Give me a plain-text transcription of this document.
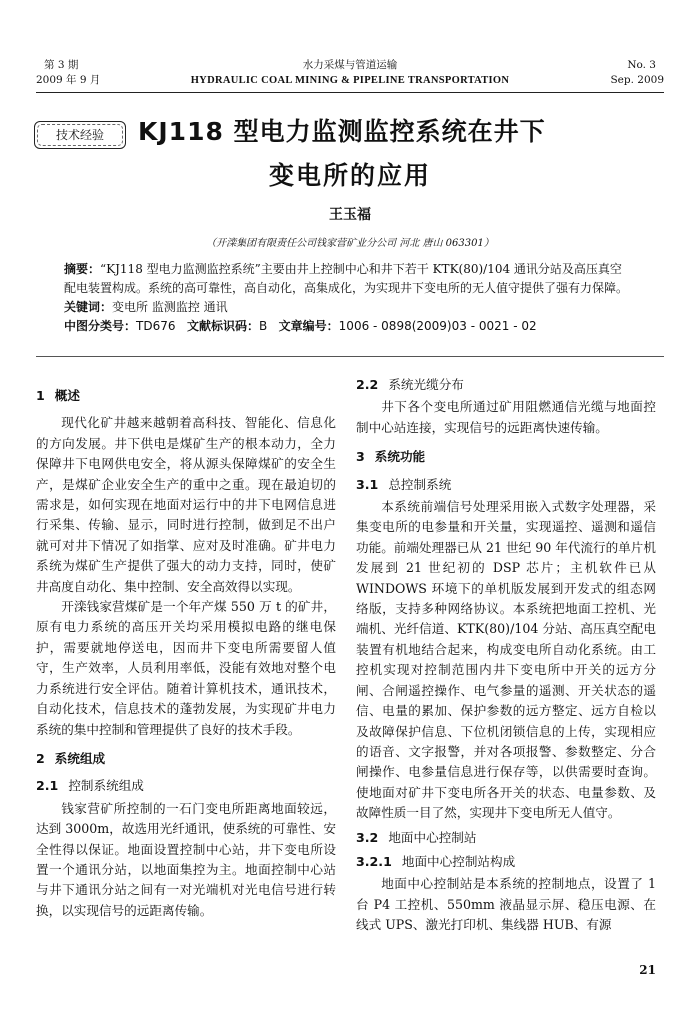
第 3 期
2009 年 9 月
水力采煤与管道运输
HYDRAULIC COAL MINING & PIPELINE TRANSPORTATION
No. 3
Sep. 2009
技术经验	KJ118 型电力监测监控系统在井下
变电所的应用
王玉福
（开滦集团有限责任公司钱家营矿业分公司 河北 唐山 063301）

摘要：“KJ118 型电力监测监控系统”主要由井上控制中心和井下若干 KTK(80)/104 通讯分站及高压真空配电装置构成。系统的高可靠性，高自动化，高集成化，为实现井下变电所的无人值守提供了强有力保障。

关键词：变电所 监测监控 通讯

中图分类号：TD676 文献标识码：B 文章编号：1006 - 0898(2009)03 - 0021 - 02

1 概述

现代化矿井越来越朝着高科技、智能化、信息化的方向发展。井下供电是煤矿生产的根本动力，全力保障井下电网供电安全，将从源头保障煤矿的安全生产，是煤矿企业安全生产的重中之重。现在最迫切的需求是，如何实现在地面对运行中的井下电网信息进行采集、传输、显示，同时进行控制，做到足不出户就可对井下情况了如指掌、应对及时准确。矿井电力系统为煤矿生产提供了强大的动力支持，同时，使矿井高度自动化、集中控制、安全高效得以实现。

开滦钱家营煤矿是一个年产煤 550 万 t 的矿井，原有电力系统的高压开关均采用模拟电路的继电保护，需要就地停送电，因而井下变电所需要留人值守，生产效率，人员利用率低，没能有效地对整个电力系统进行安全评估。随着计算机技术，通讯技术，自动化技术，信息技术的蓬勃发展，为实现矿井电力系统的集中控制和管理提供了良好的技术手段。

2 系统组成
2.1 控制系统组成

钱家营矿所控制的一石门变电所距离地面较远，达到 3000m，故选用光纤通讯，使系统的可靠性、安全性得以保证。地面设置控制中心站，井下变电所设置一个通讯分站，以地面集控为主。地面控制中心站与井下通讯分站之间有一对光端机对光电信号进行转换，以实现信号的远距离传输。

2.2 系统光缆分布

井下各个变电所通过矿用阻燃通信光缆与地面控制中心站连接，实现信号的远距离快速传输。

3 系统功能
3.1 总控制系统

本系统前端信号处理采用嵌入式数字处理器，采集变电所的电参量和开关量，实现遥控、遥测和遥信功能。前端处理器已从 21 世纪 90 年代流行的单片机发展到 21 世纪初的 DSP 芯片；主机软件已从 WINDOWS 环境下的单机版发展到开发式的组态网络版，支持多种网络协议。本系统把地面工控机、光端机、光纤信道、KTK(80)/104 分站、高压真空配电装置有机地结合起来，构成变电所自动化系统。由工控机实现对控制范围内井下变电所中开关的远方分闸、合闸遥控操作、电气参量的遥测、开关状态的遥信、电量的累加、保护参数的远方整定、远方自检以及故障保护信息、下位机闭锁信息的上传，实现相应的语音、文字报警，并对各项报警、参数整定、分合闸操作、电参量信息进行保存等，以供需要时查询。使地面对矿井下变电所各开关的状态、电量参数、及故障性质一目了然，实现井下变电所无人值守。

3.2 地面中心控制站
3.2.1 地面中心控制站构成

地面中心控制站是本系统的控制地点，设置了 1 台 P4 工控机、550mm 液晶显示屏、稳压电源、在线式 UPS、激光打印机、集线器 HUB、有源

21
